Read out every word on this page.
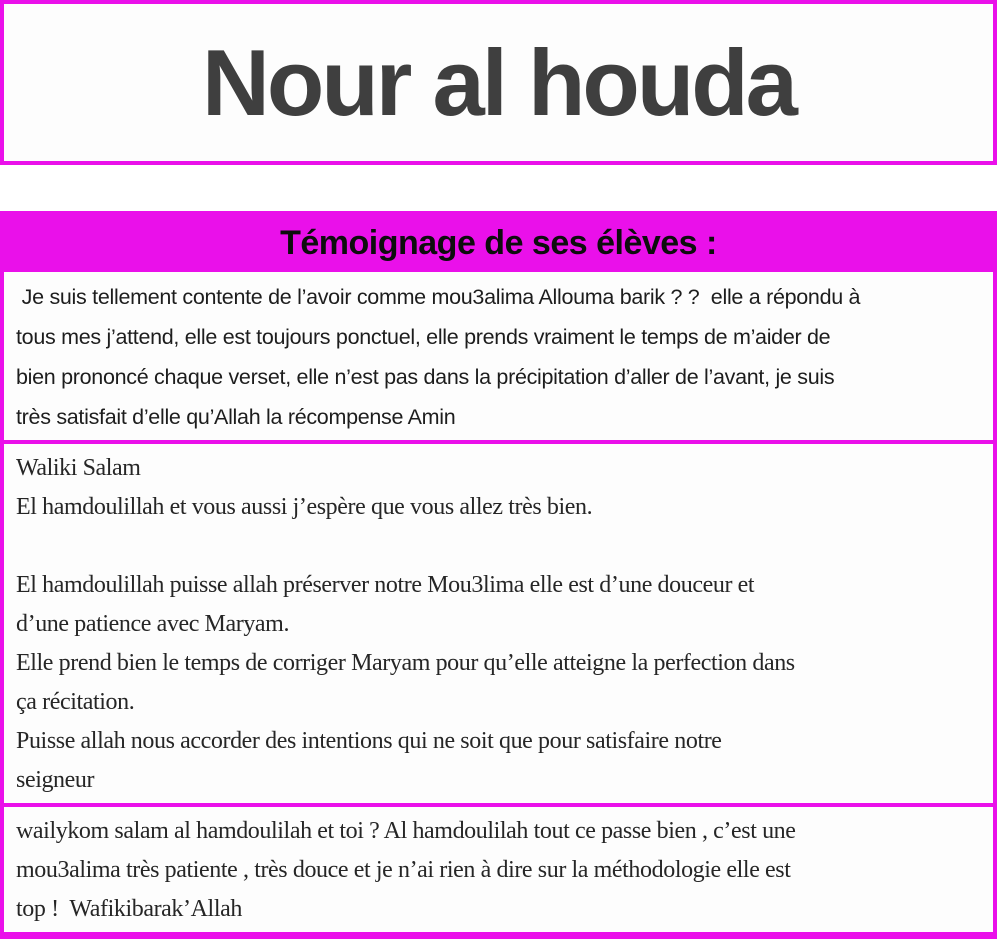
Nour al houda
Témoignage de ses élèves :
Je suis tellement contente de l’avoir comme mou3alima Allouma barik ? ?  elle a répondu à
tous mes j’attend, elle est toujours ponctuel, elle prends vraiment le temps de m’aider de
bien prononcé chaque verset, elle n’est pas dans la précipitation d’aller de l’avant, je suis
très satisfait d’elle qu’Allah la récompense Amin
Waliki Salam
El hamdoulillah et vous aussi j’espère que vous allez très bien.
El hamdoulillah puisse allah préserver notre Mou3lima elle est d’une douceur et
d’une patience avec Maryam.
Elle prend bien le temps de corriger Maryam pour qu’elle atteigne la perfection dans
ça récitation.
Puisse allah nous accorder des intentions qui ne soit que pour satisfaire notre
seigneur
wailykom salam al hamdoulilah et toi ? Al hamdoulilah tout ce passe bien , c’est une
mou3alima très patiente , très douce et je n’ai rien à dire sur la méthodologie elle est
top !  Wafikibarak’Allah
